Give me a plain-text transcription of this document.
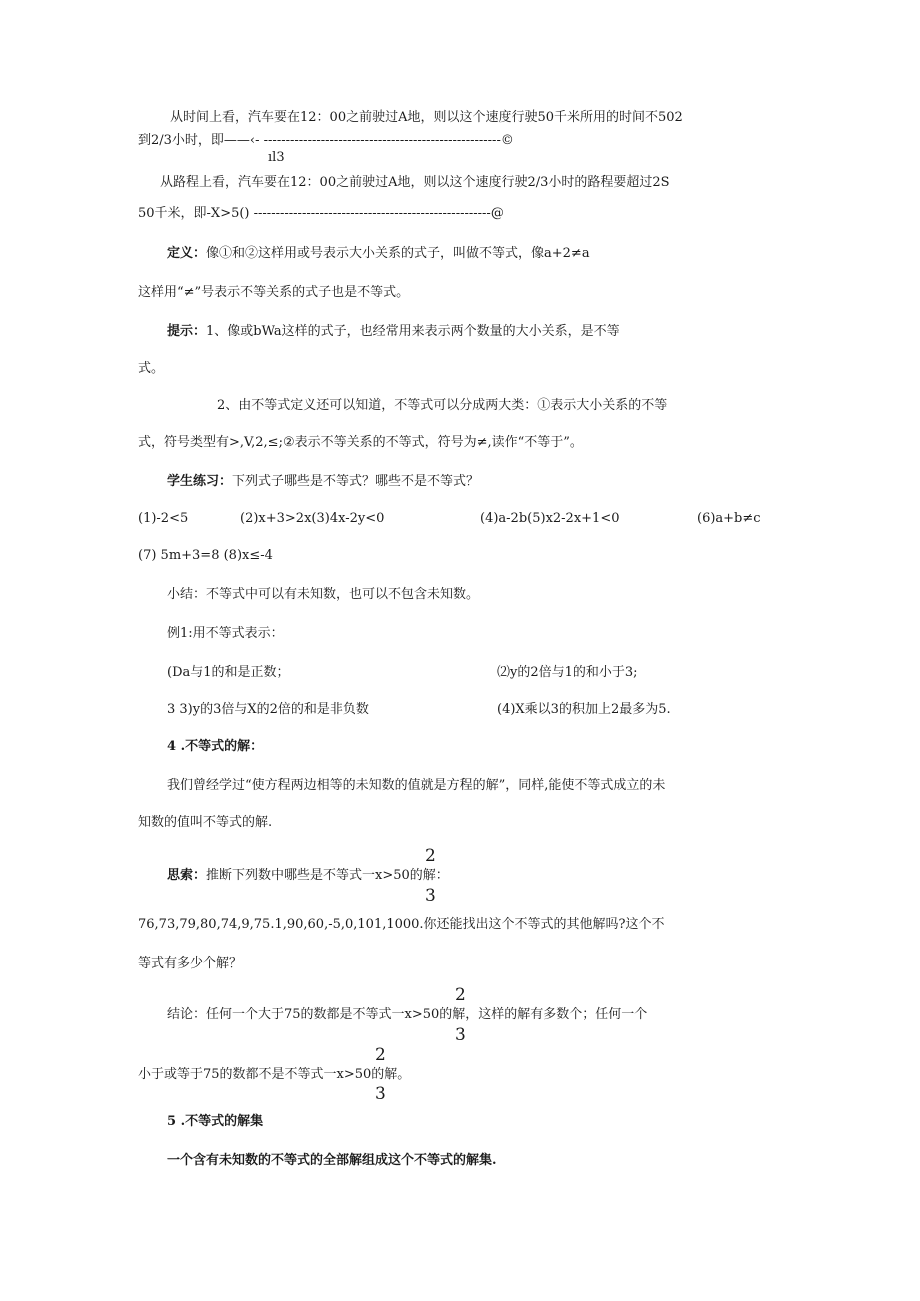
从时间上看，汽车要在12：00之前驶过A地，则以这个速度行驶50千米所用的时间不502
到2/3小时，即——‹- ------------------------------------------------------©
ıl3
从路程上看，汽车要在12：00之前驶过A地，则以这个速度行驶2/3小时的路程要超过2S
50千米，即-X>5() ------------------------------------------------------@
定义：像①和②这样用或号表示大小关系的式子，叫做不等式，像a+2≠a
这样用“≠”号表示不等关系的式子也是不等式。
提示：1、像或bWa这样的式子，也经常用来表示两个数量的大小关系，是不等
式。
2、由不等式定义还可以知道，不等式可以分成两大类：①表示大小关系的不等
式，符号类型有>,V,2,≤;②表示不等关系的不等式，符号为≠,读作“不等于”。
学生练习：下列式子哪些是不等式？哪些不是不等式？
(1)-2<5	(2)x+3>2x(3)4x-2y<0	(4)a-2b(5)x2-2x+1<0	(6)a+b≠c
(7) 5m+3=8 (8)x≤-4
小结：不等式中可以有未知数，也可以不包含未知数。
例1:用不等式表示：
(Da与1的和是正数；	⑵y的2倍与1的和小于3;
3 3)y的3倍与X的2倍的和是非负数	(4)X乘以3的积加上2最多为5.
4 .不等式的解：
我们曾经学过“使方程两边相等的未知数的值就是方程的解”，同样,能使不等式成立的未
知数的值叫不等式的解.
2
思索：推断下列数中哪些是不等式一x>50的解：
3
76,73,79,80,74,9,75.1,90,60,-5,0,101,1000.你还能找出这个不等式的其他解吗?这个不
等式有多少个解？
2
结论：任何一个大于75的数都是不等式一x>50的解，这样的解有多数个；任何一个
3
2
小于或等于75的数都不是不等式一x>50的解。
3
5 .不等式的解集
一个含有未知数的不等式的全部解组成这个不等式的解集.
